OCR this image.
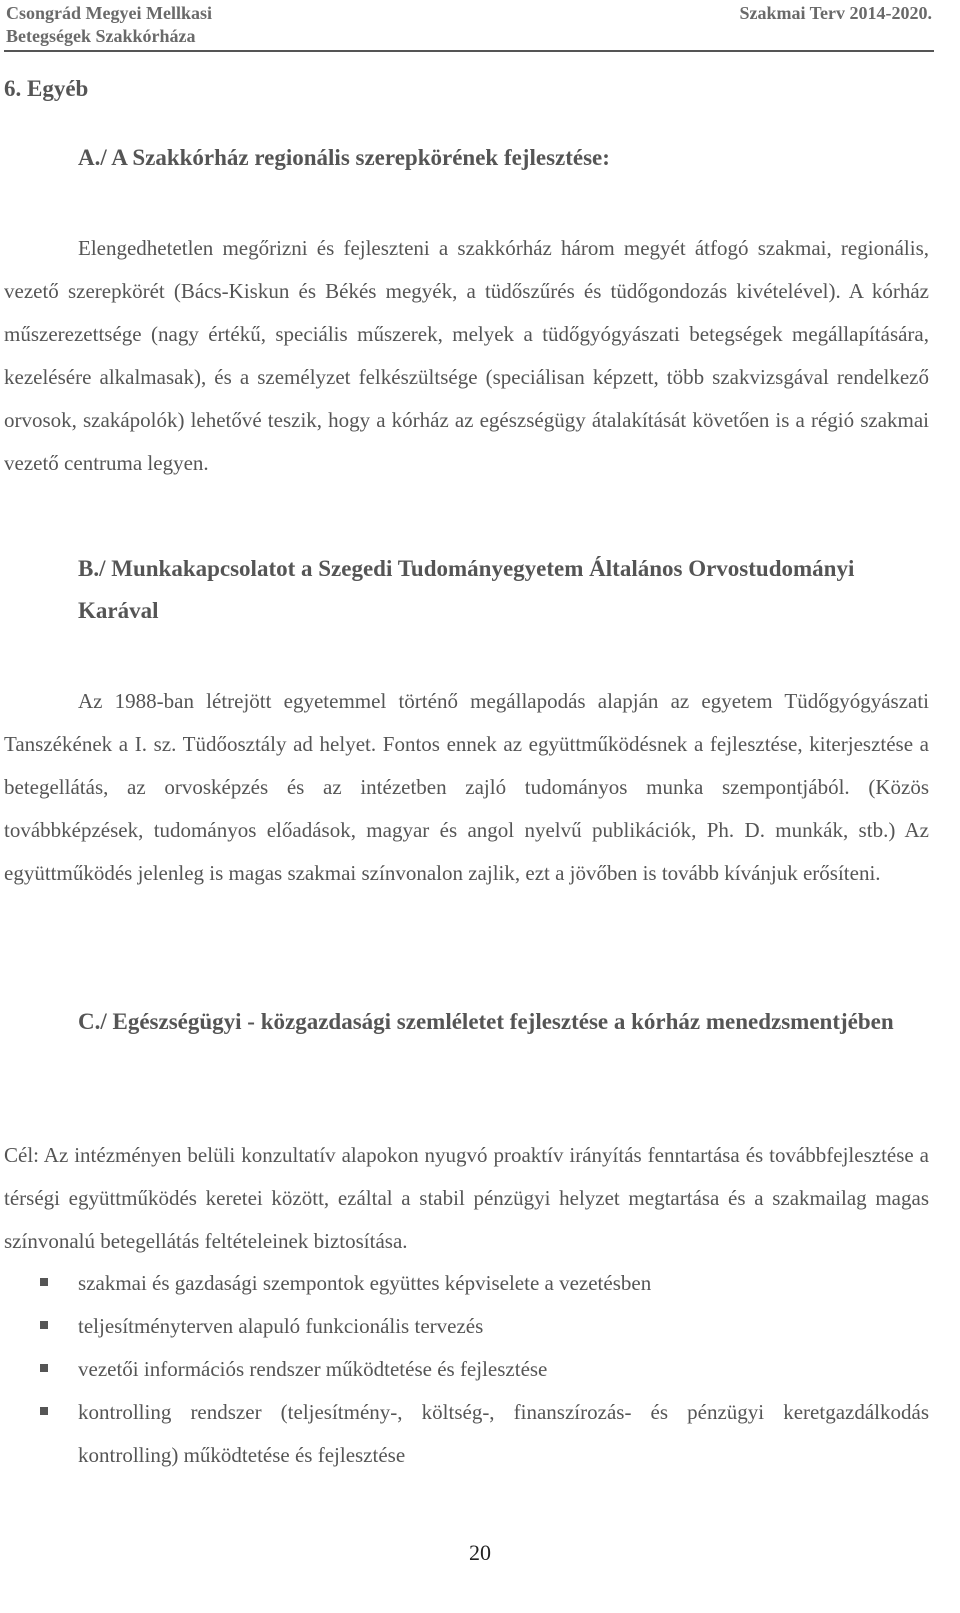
Csongrád Megyei Mellkasi
Betegségek Szakkórháza
Szakmai Terv 2014-2020.
6. Egyéb
A./ A Szakkórház regionális szerepkörének fejlesztése:
Elengedhetetlen megőrizni és fejleszteni a szakkórház három megyét átfogó szakmai, regionális, vezető szerepkörét (Bács-Kiskun és Békés megyék, a tüdőszűrés és tüdőgondozás kivételével). A kórház műszerezettsége (nagy értékű, speciális műszerek, melyek a tüdőgyógyászati betegségek megállapítására, kezelésére alkalmasak), és a személyzet felkészültsége (speciálisan képzett, több szakvizsgával rendelkező orvosok, szakápolók) lehetővé teszik, hogy a kórház az egészségügy átalakítását követően is a régió szakmai vezető centruma legyen.
B./ Munkakapcsolatot a Szegedi Tudományegyetem Általános Orvostudományi Karával
Az 1988-ban létrejött egyetemmel történő megállapodás alapján az egyetem Tüdőgyógyászati Tanszékének a I. sz. Tüdőosztály ad helyet. Fontos ennek az együttműködésnek a fejlesztése, kiterjesztése a betegellátás, az orvosképzés és az intézetben zajló tudományos munka szempontjából. (Közös továbbképzések, tudományos előadások, magyar és angol nyelvű publikációk, Ph. D. munkák, stb.) Az együttműködés jelenleg is magas szakmai színvonalon zajlik, ezt a jövőben is tovább kívánjuk erősíteni.
C./ Egészségügyi - közgazdasági szemléletet fejlesztése a kórház menedzsmentjében
Cél: Az intézményen belüli konzultatív alapokon nyugvó proaktív irányítás fenntartása és továbbfejlesztése a térségi együttműködés keretei között, ezáltal a stabil pénzügyi helyzet megtartása és a szakmailag magas színvonalú betegellátás feltételeinek biztosítása.
szakmai és gazdasági szempontok együttes képviselete a vezetésben
teljesítményterven alapuló funkcionális tervezés
vezetői információs rendszer működtetése és fejlesztése
kontrolling rendszer (teljesítmény-, költség-, finanszírozás- és pénzügyi keretgazdálkodás kontrolling) működtetése és fejlesztése
20
